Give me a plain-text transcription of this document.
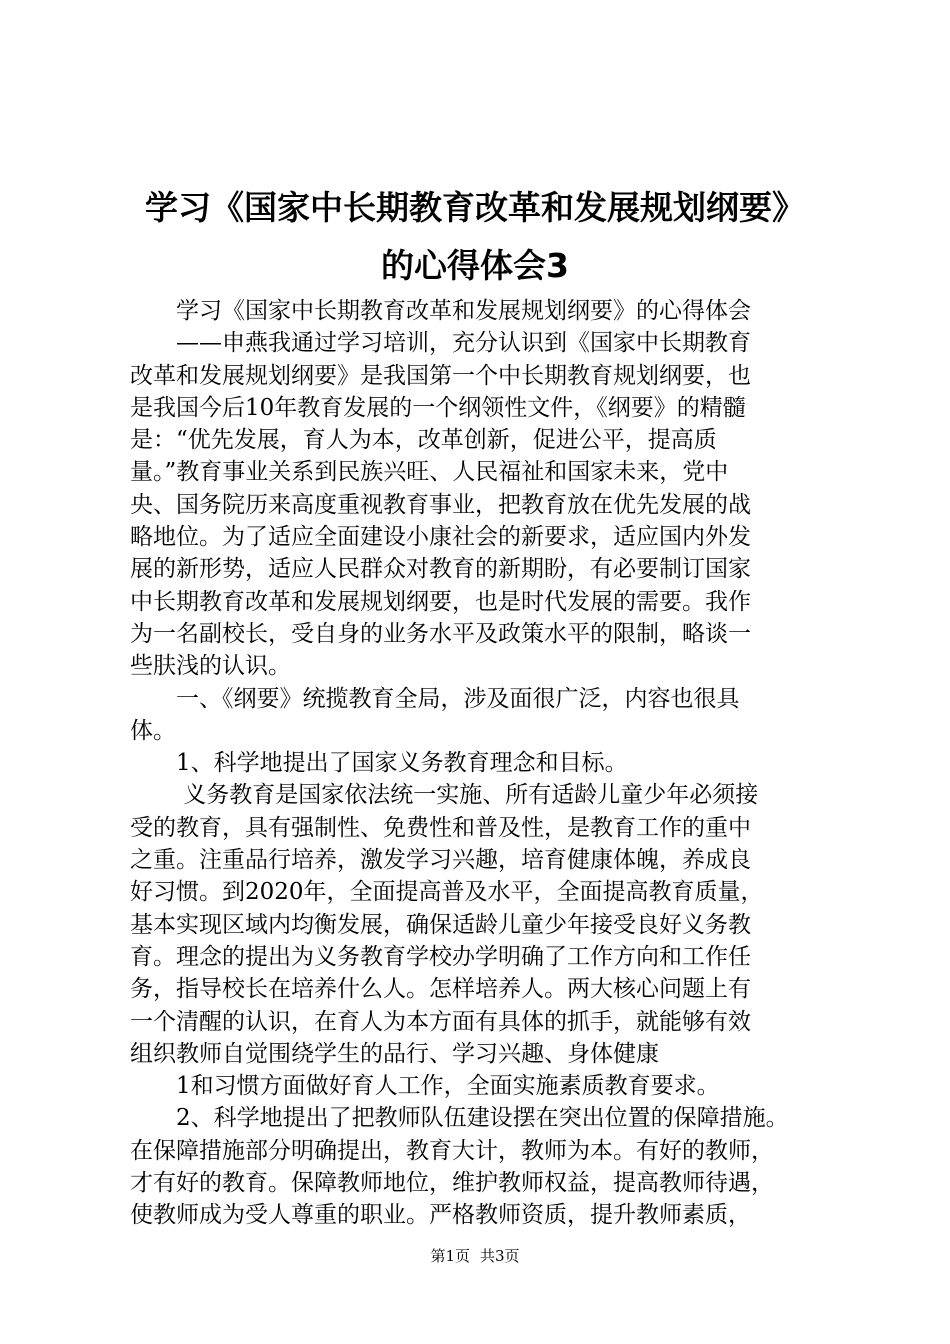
学习《国家中长期教育改革和发展规划纲要》
的心得体会3
　　学习《国家中长期教育改革和发展规划纲要》的心得体会
　　——申燕我通过学习培训，充分认识到《国家中长期教育
改革和发展规划纲要》是我国第一个中长期教育规划纲要，也
是我国今后10年教育发展的一个纲领性文件，《纲要》的精髓
是：“优先发展，育人为本，改革创新，促进公平，提高质
量。”教育事业关系到民族兴旺、人民福祉和国家未来，党中
央、国务院历来高度重视教育事业，把教育放在优先发展的战
略地位。为了适应全面建设小康社会的新要求，适应国内外发
展的新形势，适应人民群众对教育的新期盼，有必要制订国家
中长期教育改革和发展规划纲要，也是时代发展的需要。我作
为一名副校长，受自身的业务水平及政策水平的限制，略谈一
些肤浅的认识。
　　一、《纲要》统揽教育全局，涉及面很广泛，内容也很具
体。
　　1、科学地提出了国家义务教育理念和目标。
　　 义务教育是国家依法统一实施、所有适龄儿童少年必须接
受的教育，具有强制性、免费性和普及性，是教育工作的重中
之重。注重品行培养，激发学习兴趣，培育健康体魄，养成良
好习惯。到2020年，全面提高普及水平，全面提高教育质量，
基本实现区域内均衡发展，确保适龄儿童少年接受良好义务教
育。理念的提出为义务教育学校办学明确了工作方向和工作任
务，指导校长在培养什么人。怎样培养人。两大核心问题上有
一个清醒的认识，在育人为本方面有具体的抓手，就能够有效
组织教师自觉围绕学生的品行、学习兴趣、身体健康
　　1和习惯方面做好育人工作，全面实施素质教育要求。
　　2、科学地提出了把教师队伍建设摆在突出位置的保障措施。
在保障措施部分明确提出，教育大计，教师为本。有好的教师，
才有好的教育。保障教师地位，维护教师权益，提高教师待遇，
使教师成为受人尊重的职业。严格教师资质，提升教师素质，
第1页 共3页
